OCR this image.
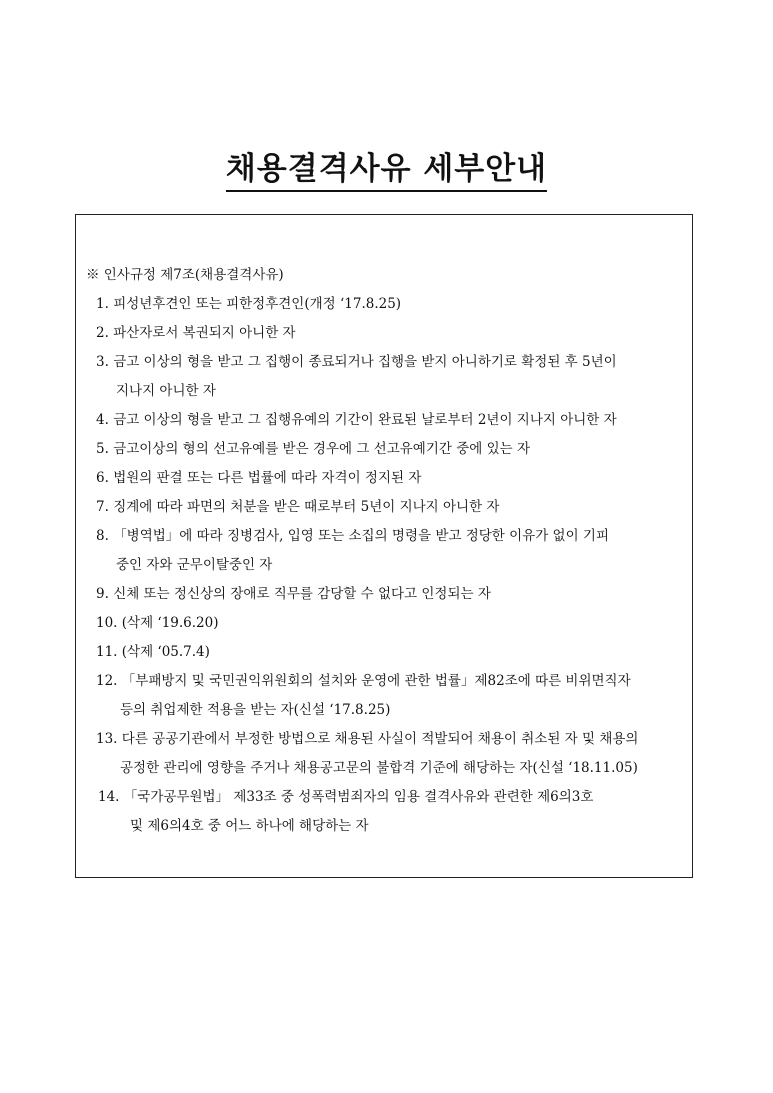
채용결격사유 세부안내
※ 인사규정 제7조(채용결격사유)
1. 피성년후견인 또는 피한정후견인(개정 ‘17.8.25)
2. 파산자로서 복권되지 아니한 자
3. 금고 이상의 형을 받고 그 집행이 종료되거나 집행을 받지 아니하기로 확정된 후 5년이
지나지 아니한 자
4. 금고 이상의 형을 받고 그 집행유예의 기간이 완료된 날로부터 2년이 지나지 아니한 자
5. 금고이상의 형의 선고유예를 받은 경우에 그 선고유예기간 중에 있는 자
6. 법원의 판결 또는 다른 법률에 따라 자격이 정지된 자
7. 징계에 따라 파면의 처분을 받은 때로부터 5년이 지나지 아니한 자
8. 「병역법」에 따라 징병검사, 입영 또는 소집의 명령을 받고 정당한 이유가 없이 기피
중인 자와 군무이탈중인 자
9. 신체 또는 정신상의 장애로 직무를 감당할 수 없다고 인정되는 자
10. (삭제 ‘19.6.20)
11. (삭제 ‘05.7.4)
12. 「부패방지 및 국민권익위원회의 설치와 운영에 관한 법률」제82조에 따른 비위면직자
등의 취업제한 적용을 받는 자(신설 ‘17.8.25)
13. 다른 공공기관에서 부정한 방법으로 채용된 사실이 적발되어 채용이 취소된 자 및 채용의
공정한 관리에 영향을 주거나 채용공고문의 불합격 기준에 해당하는 자(신설 ‘18.11.05)
14. 「국가공무원법」 제33조 중 성폭력범죄자의 임용 결격사유와 관련한 제6의3호
및 제6의4호 중 어느 하나에 해당하는 자
